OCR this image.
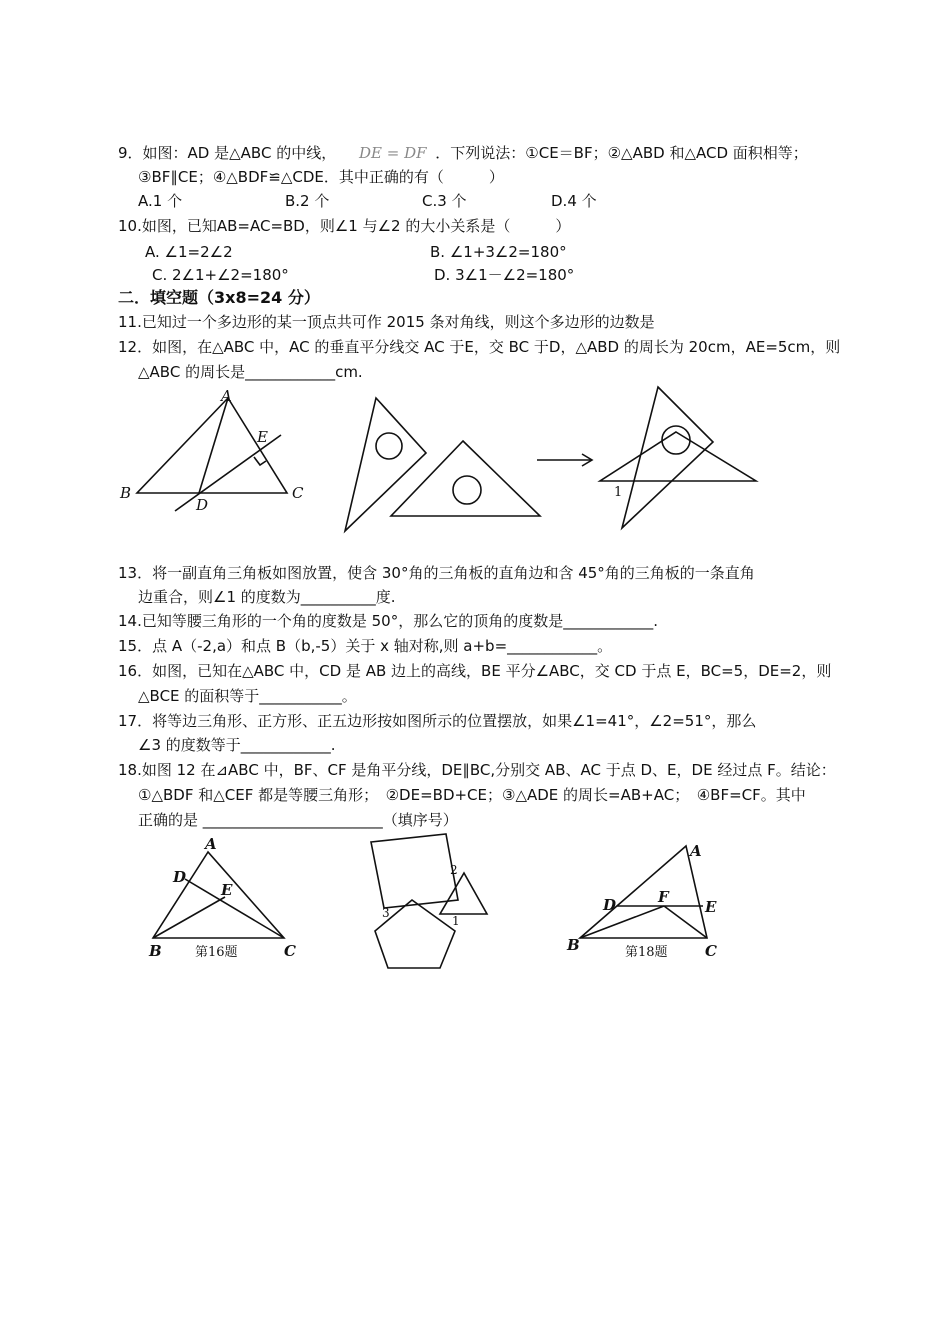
9．如图：AD 是△ABC 的中线， DE = DF ．下列说法：①CE＝BF；②△ABD 和△ACD 面积相等；
③BF∥CE；④△BDF≌△CDE．其中正确的有（　　　）
A.1 个	B.2 个	C.3 个	D.4 个
10.如图，已知AB=AC=BD，则∠1 与∠2 的大小关系是（　　　）
A. ∠1=2∠2	B. ∠1+3∠2=180°
C. 2∠1+∠2=180°	D. 3∠1－∠2=180°
二．填空题（3x8=24 分）
11.已知过一个多边形的某一顶点共可作 2015 条对角线，则这个多边形的边数是
12．如图，在△ABC 中，AC 的垂直平分线交 AC 于E，交 BC 于D，△ABD 的周长为 20cm，AE=5cm，则
△ABC 的周长是____________cm.
A
B	C
D
E
1
13．将一副直角三角板如图放置，使含 30°角的三角板的直角边和含 45°角的三角板的一条直角
边重合，则∠1 的度数为__________度.
14.已知等腰三角形的一个角的度数是 50°，那么它的顶角的度数是____________.
15．点 A（-2,a）和点 B（b,-5）关于 x 轴对称,则 a+b=____________。
16．如图，已知在△ABC 中，CD 是 AB 边上的高线，BE 平分∠ABC，交 CD 于点 E，BC=5，DE=2，则
△BCE 的面积等于___________。
17．将等边三角形、正方形、正五边形按如图所示的位置摆放，如果∠1=41°，∠2=51°，那么
∠3 的度数等于____________.
18.如图 12 在⊿ABC 中，BF、CF 是角平分线，DE∥BC,分别交 AB、AC 于点 D、E，DE 经过点 F。结论：
①△BDF 和△CEF 都是等腰三角形；　②DE=BD+CE；③△ADE 的周长=AB+AC；　④BF=CF。其中
正确的是 ________________________（填序号）
A
B	C
D
E
第16题
1
2
3
A
B	C
D	E
F
第18题
